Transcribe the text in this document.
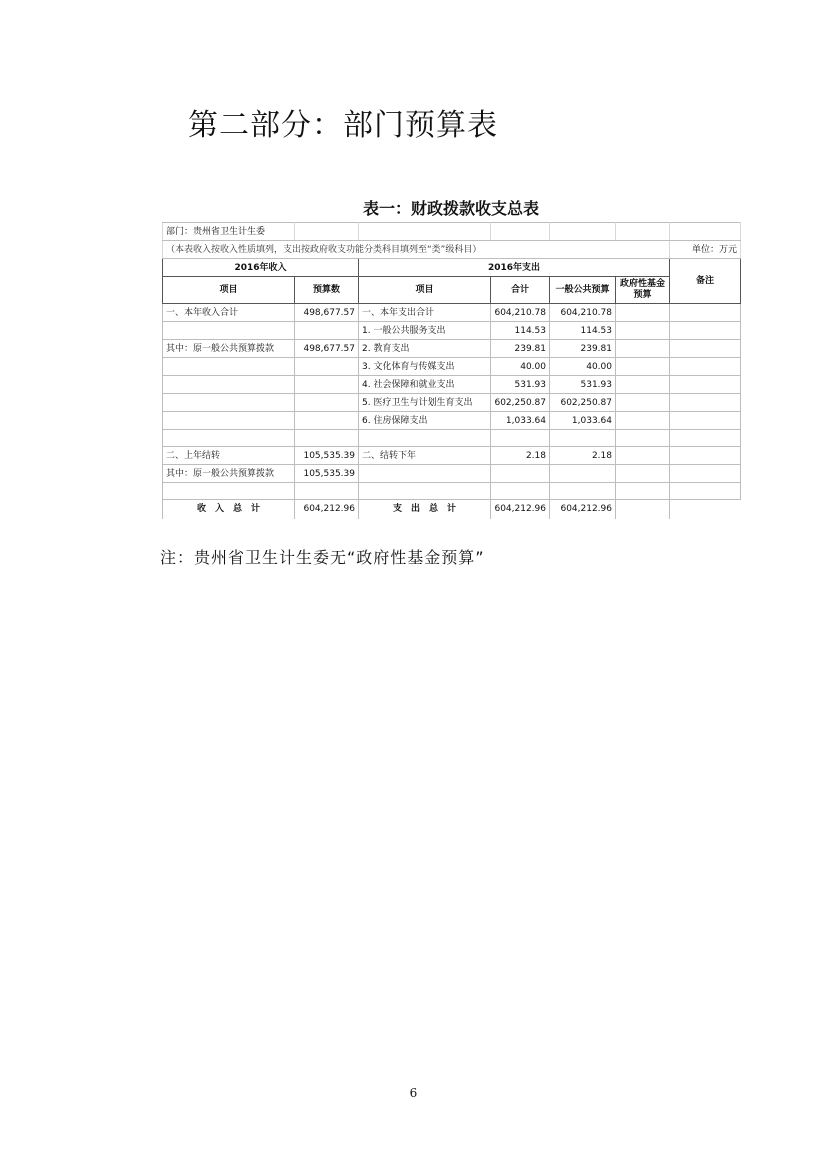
第二部分：部门预算表
表一：财政拨款收支总表
部门：贵州省卫生计生委						
（本表收入按收入性质填列，支出按政府收支功能分类科目填列至“类”级科目）						单位：万元
2016年收入		2016年支出				备注
项目	预算数	项目	合计	一般公共预算	政府性基金预算	
一、本年收入合计	498,677.57	一、本年支出合计	604,210.78	604,210.78		
		1. 一般公共服务支出	114.53	114.53		
其中：原一般公共预算拨款	498,677.57	2. 教育支出	239.81	239.81		
		3. 文化体育与传媒支出	40.00	40.00		
		4. 社会保障和就业支出	531.93	531.93		
		5. 医疗卫生与计划生育支出	602,250.87	602,250.87		
		6. 住房保障支出	1,033.64	1,033.64		

二、上年结转	105,535.39	二、结转下年	2.18	2.18		
其中：原一般公共预算拨款	105,535.39					

收　入　总　计	604,212.96	支　出　总　计	604,212.96	604,212.96		
注：贵州省卫生计生委无“政府性基金预算”
6
